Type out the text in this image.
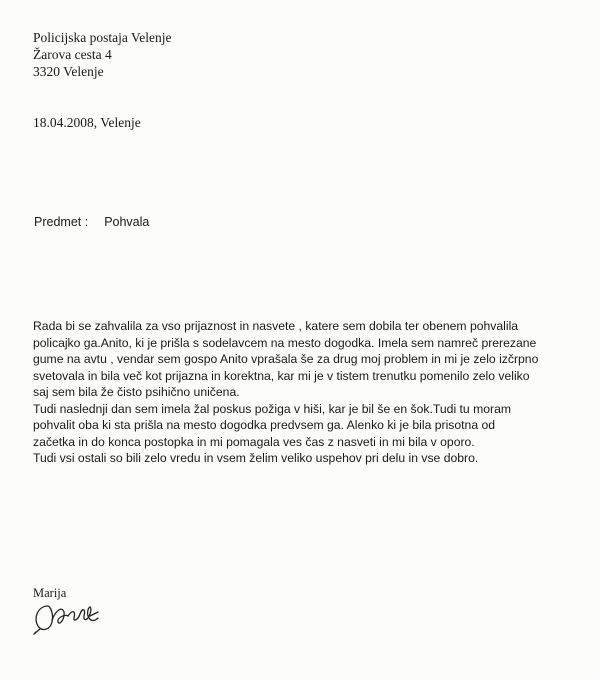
Policijska postaja Velenje
Žarova cesta 4
3320 Velenje
18.04.2008, Velenje
Predmet : Pohvala
Rada bi se zahvalila za vso prijaznost in nasvete , katere sem dobila ter obenem pohvalila
policajko ga.Anito, ki je prišla s sodelavcem na mesto dogodka. Imela sem namreč prerezane
gume na avtu , vendar sem gospo Anito vprašala še za drug moj problem in mi je zelo izčrpno
svetovala in bila več kot prijazna in korektna, kar mi je v tistem trenutku pomenilo zelo veliko
saj sem bila že čisto psihično uničena.
Tudi naslednji dan sem imela žal poskus požiga v hiši, kar je bil še en šok.Tudi tu moram
pohvalit oba ki sta prišla na mesto dogodka predvsem ga. Alenko ki je bila prisotna od
začetka in do konca postopka in mi pomagala ves čas z nasveti in mi bila v oporo.
Tudi vsi ostali so bili zelo vredu in vsem želim veliko uspehov pri delu in vse dobro.
Marija
